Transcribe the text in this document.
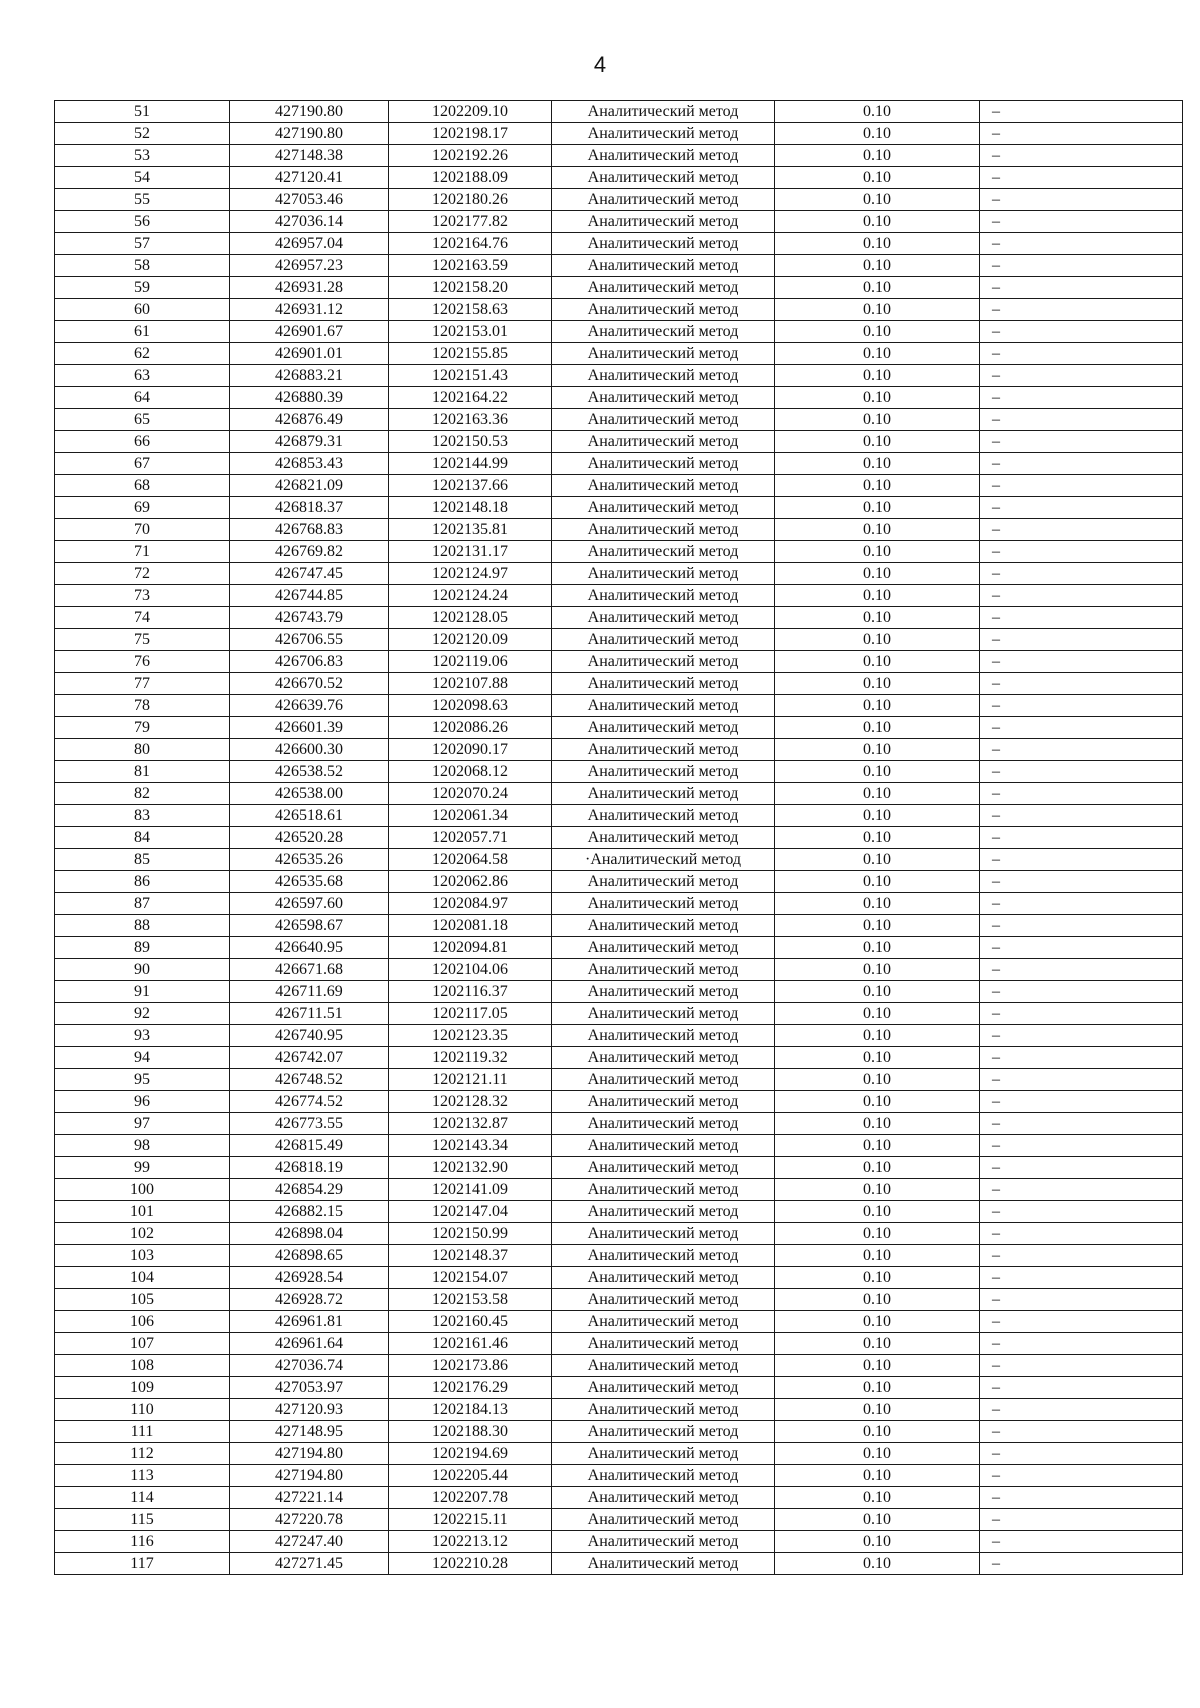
4
51	427190.80	1202209.10	Аналитический метод	0.10	–
52	427190.80	1202198.17	Аналитический метод	0.10	–
53	427148.38	1202192.26	Аналитический метод	0.10	–
54	427120.41	1202188.09	Аналитический метод	0.10	–
55	427053.46	1202180.26	Аналитический метод	0.10	–
56	427036.14	1202177.82	Аналитический метод	0.10	–
57	426957.04	1202164.76	Аналитический метод	0.10	–
58	426957.23	1202163.59	Аналитический метод	0.10	–
59	426931.28	1202158.20	Аналитический метод	0.10	–
60	426931.12	1202158.63	Аналитический метод	0.10	–
61	426901.67	1202153.01	Аналитический метод	0.10	–
62	426901.01	1202155.85	Аналитический метод	0.10	–
63	426883.21	1202151.43	Аналитический метод	0.10	–
64	426880.39	1202164.22	Аналитический метод	0.10	–
65	426876.49	1202163.36	Аналитический метод	0.10	–
66	426879.31	1202150.53	Аналитический метод	0.10	–
67	426853.43	1202144.99	Аналитический метод	0.10	–
68	426821.09	1202137.66	Аналитический метод	0.10	–
69	426818.37	1202148.18	Аналитический метод	0.10	–
70	426768.83	1202135.81	Аналитический метод	0.10	–
71	426769.82	1202131.17	Аналитический метод	0.10	–
72	426747.45	1202124.97	Аналитический метод	0.10	–
73	426744.85	1202124.24	Аналитический метод	0.10	–
74	426743.79	1202128.05	Аналитический метод	0.10	–
75	426706.55	1202120.09	Аналитический метод	0.10	–
76	426706.83	1202119.06	Аналитический метод	0.10	–
77	426670.52	1202107.88	Аналитический метод	0.10	–
78	426639.76	1202098.63	Аналитический метод	0.10	–
79	426601.39	1202086.26	Аналитический метод	0.10	–
80	426600.30	1202090.17	Аналитический метод	0.10	–
81	426538.52	1202068.12	Аналитический метод	0.10	–
82	426538.00	1202070.24	Аналитический метод	0.10	–
83	426518.61	1202061.34	Аналитический метод	0.10	–
84	426520.28	1202057.71	Аналитический метод	0.10	–
85	426535.26	1202064.58	·Аналитический метод	0.10	–
86	426535.68	1202062.86	Аналитический метод	0.10	–
87	426597.60	1202084.97	Аналитический метод	0.10	–
88	426598.67	1202081.18	Аналитический метод	0.10	–
89	426640.95	1202094.81	Аналитический метод	0.10	–
90	426671.68	1202104.06	Аналитический метод	0.10	–
91	426711.69	1202116.37	Аналитический метод	0.10	–
92	426711.51	1202117.05	Аналитический метод	0.10	–
93	426740.95	1202123.35	Аналитический метод	0.10	–
94	426742.07	1202119.32	Аналитический метод	0.10	–
95	426748.52	1202121.11	Аналитический метод	0.10	–
96	426774.52	1202128.32	Аналитический метод	0.10	–
97	426773.55	1202132.87	Аналитический метод	0.10	–
98	426815.49	1202143.34	Аналитический метод	0.10	–
99	426818.19	1202132.90	Аналитический метод	0.10	–
100	426854.29	1202141.09	Аналитический метод	0.10	–
101	426882.15	1202147.04	Аналитический метод	0.10	–
102	426898.04	1202150.99	Аналитический метод	0.10	–
103	426898.65	1202148.37	Аналитический метод	0.10	–
104	426928.54	1202154.07	Аналитический метод	0.10	–
105	426928.72	1202153.58	Аналитический метод	0.10	–
106	426961.81	1202160.45	Аналитический метод	0.10	–
107	426961.64	1202161.46	Аналитический метод	0.10	–
108	427036.74	1202173.86	Аналитический метод	0.10	–
109	427053.97	1202176.29	Аналитический метод	0.10	–
110	427120.93	1202184.13	Аналитический метод	0.10	–
111	427148.95	1202188.30	Аналитический метод	0.10	–
112	427194.80	1202194.69	Аналитический метод	0.10	–
113	427194.80	1202205.44	Аналитический метод	0.10	–
114	427221.14	1202207.78	Аналитический метод	0.10	–
115	427220.78	1202215.11	Аналитический метод	0.10	–
116	427247.40	1202213.12	Аналитический метод	0.10	–
117	427271.45	1202210.28	Аналитический метод	0.10	–
